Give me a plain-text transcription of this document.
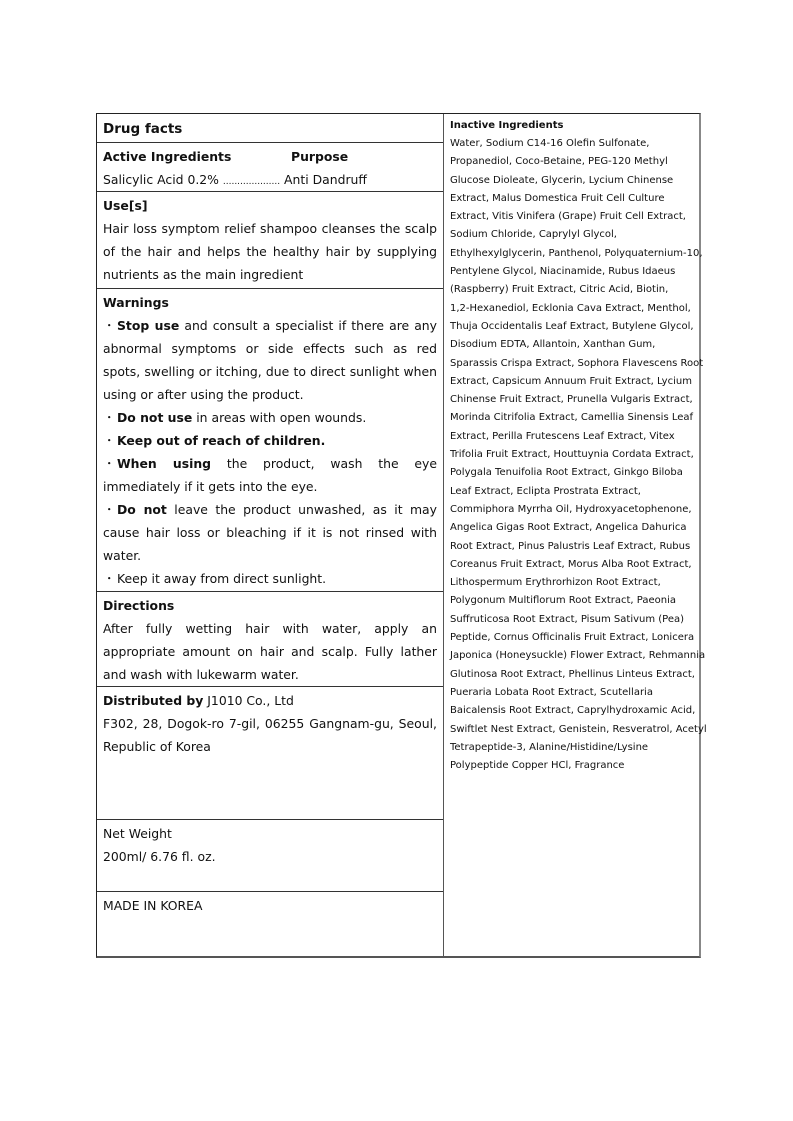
Drug facts
Active Ingredients	Purpose
Salicylic Acid 0.2% .................... Anti Dandruff
Use[s]
Hair loss symptom relief shampoo cleanses the scalp of the hair and helps the healthy hair by supplying nutrients as the main ingredient
Warnings
・ Stop use and consult a specialist if there are any abnormal symptoms or side effects such as red spots, swelling or itching, due to direct sunlight when using or after using the product.
・ Do not use in areas with open wounds.
・ Keep out of reach of children.
・ When using the product, wash the eye immediately if it gets into the eye.
・ Do not leave the product unwashed, as it may cause hair loss or bleaching if it is not rinsed with water.
・ Keep it away from direct sunlight.
Directions
After fully wetting hair with water, apply an appropriate amount on hair and scalp. Fully lather and wash with lukewarm water.
Distributed by J1010 Co., Ltd
F302, 28, Dogok-ro 7-gil, 06255 Gangnam-gu, Seoul, Republic of Korea
Net Weight
200ml/ 6.76 fl. oz.
MADE IN KOREA
Inactive Ingredients
Water, Sodium C14-16 Olefin Sulfonate,
Propanediol, Coco-Betaine, PEG-120 Methyl
Glucose Dioleate, Glycerin, Lycium Chinense
Extract, Malus Domestica Fruit Cell Culture
Extract, Vitis Vinifera (Grape) Fruit Cell Extract,
Sodium Chloride, Caprylyl Glycol,
Ethylhexylglycerin, Panthenol, Polyquaternium-10,
Pentylene Glycol, Niacinamide, Rubus Idaeus
(Raspberry) Fruit Extract, Citric Acid, Biotin,
1,2-Hexanediol, Ecklonia Cava Extract, Menthol,
Thuja Occidentalis Leaf Extract, Butylene Glycol,
Disodium EDTA, Allantoin, Xanthan Gum,
Sparassis Crispa Extract, Sophora Flavescens Root
Extract, Capsicum Annuum Fruit Extract, Lycium
Chinense Fruit Extract, Prunella Vulgaris Extract,
Morinda Citrifolia Extract, Camellia Sinensis Leaf
Extract, Perilla Frutescens Leaf Extract, Vitex
Trifolia Fruit Extract, Houttuynia Cordata Extract,
Polygala Tenuifolia Root Extract, Ginkgo Biloba
Leaf Extract, Eclipta Prostrata Extract,
Commiphora Myrrha Oil, Hydroxyacetophenone,
Angelica Gigas Root Extract, Angelica Dahurica
Root Extract, Pinus Palustris Leaf Extract, Rubus
Coreanus Fruit Extract, Morus Alba Root Extract,
Lithospermum Erythrorhizon Root Extract,
Polygonum Multiflorum Root Extract, Paeonia
Suffruticosa Root Extract, Pisum Sativum (Pea)
Peptide, Cornus Officinalis Fruit Extract, Lonicera
Japonica (Honeysuckle) Flower Extract, Rehmannia
Glutinosa Root Extract, Phellinus Linteus Extract,
Pueraria Lobata Root Extract, Scutellaria
Baicalensis Root Extract, Caprylhydroxamic Acid,
Swiftlet Nest Extract, Genistein, Resveratrol, Acetyl
Tetrapeptide-3, Alanine/Histidine/Lysine
Polypeptide Copper HCl, Fragrance
